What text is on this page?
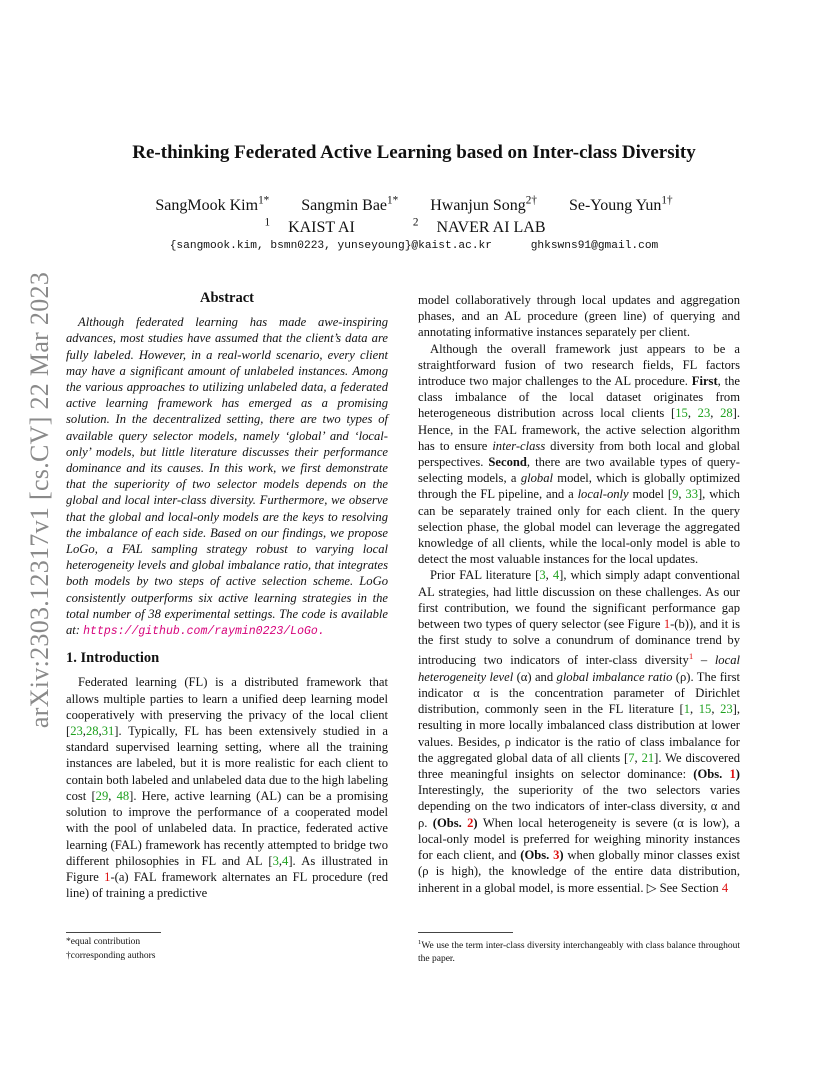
arXiv:2303.12317v1 [cs.CV] 22 Mar 2023
Re-thinking Federated Active Learning based on Inter-class Diversity
SangMook Kim$^{1*}$ Sangmin Bae$^{1*}$ Hwanjun Song$^{2\dagger}$ Se-Young Yun$^{1\dagger}$
$^1$ KAIST AI	$^2$ NAVER AI LAB
{sangmook.kim, bsmn0223, yunseyoung}@kaist.ac.kr	ghkswns91@gmail.com
Abstract

Although federated learning has made awe-inspiring advances, most studies have assumed that the client’s data are fully labeled. However, in a real-world scenario, every client may have a significant amount of unlabeled instances. Among the various approaches to utilizing unlabeled data, a federated active learning framework has emerged as a promising solution. In the decentralized setting, there are two types of available query selector models, namely ‘global’ and ‘local-only’ models, but little literature discusses their performance dominance and its causes. In this work, we first demonstrate that the superiority of two selector models depends on the global and local inter-class diversity. Furthermore, we observe that the global and local-only models are the keys to resolving the imbalance of each side. Based on our findings, we propose LoGo, a FAL sampling strategy robust to varying local heterogeneity levels and global imbalance ratio, that integrates both models by two steps of active selection scheme. LoGo consistently outperforms six active learning strategies in the total number of 38 experimental settings. The code is available at: https://github.com/raymin0223/LoGo.

1. Introduction

Federated learning (FL) is a distributed framework that allows multiple parties to learn a unified deep learning model cooperatively with preserving the privacy of the local client [23,28,31]. Typically, FL has been extensively studied in a standard supervised learning setting, where all the training instances are labeled, but it is more realistic for each client to contain both labeled and unlabeled data due to the high labeling cost [29, 48]. Here, active learning (AL) can be a promising solution to improve the performance of a cooperated model with the pool of unlabeled data. In practice, federated active learning (FAL) framework has recently attempted to bridge two different philosophies in FL and AL [3,4]. As illustrated in Figure 1-(a) FAL framework alternates an FL procedure (red line) of training a predictive

model collaboratively through local updates and aggregation phases, and an AL procedure (green line) of querying and annotating informative instances separately per client.

Although the overall framework just appears to be a straightforward fusion of two research fields, FL factors introduce two major challenges to the AL procedure. First, the class imbalance of the local dataset originates from heterogeneous distribution across local clients [15, 23, 28]. Hence, in the FAL framework, the active selection algorithm has to ensure inter-class diversity from both local and global perspectives. Second, there are two available types of query-selecting models, a global model, which is globally optimized through the FL pipeline, and a local-only model [9, 33], which can be separately trained only for each client. In the query selection phase, the global model can leverage the aggregated knowledge of all clients, while the local-only model is able to detect the most valuable instances for the local updates.

Prior FAL literature [3, 4], which simply adapt conventional AL strategies, had little discussion on these challenges. As our first contribution, we found the significant performance gap between two types of query selector (see Figure 1-(b)), and it is the first study to solve a conundrum of dominance trend by introducing two indicators of inter-class diversity$^1$ – local heterogeneity level (α) and global imbalance ratio (ρ). The first indicator α is the concentration parameter of Dirichlet distribution, commonly seen in the FL literature [1, 15, 23], resulting in more locally imbalanced class distribution at lower values. Besides, ρ indicator is the ratio of class imbalance for the aggregated global data of all clients [7, 21]. We discovered three meaningful insights on selector dominance: (Obs. 1) Interestingly, the superiority of the two selectors varies depending on the two indicators of inter-class diversity, α and ρ. (Obs. 2) When local heterogeneity is severe (α is low), a local-only model is preferred for weighing minority instances for each client, and (Obs. 3) when globally minor classes exist (ρ is high), the knowledge of the entire data distribution, inherent in a global model, is more essential. ▷ See Section 4

*equal contribution
†corresponding authors
$^1$We use the term inter-class diversity interchangeably with class balance throughout the paper.
